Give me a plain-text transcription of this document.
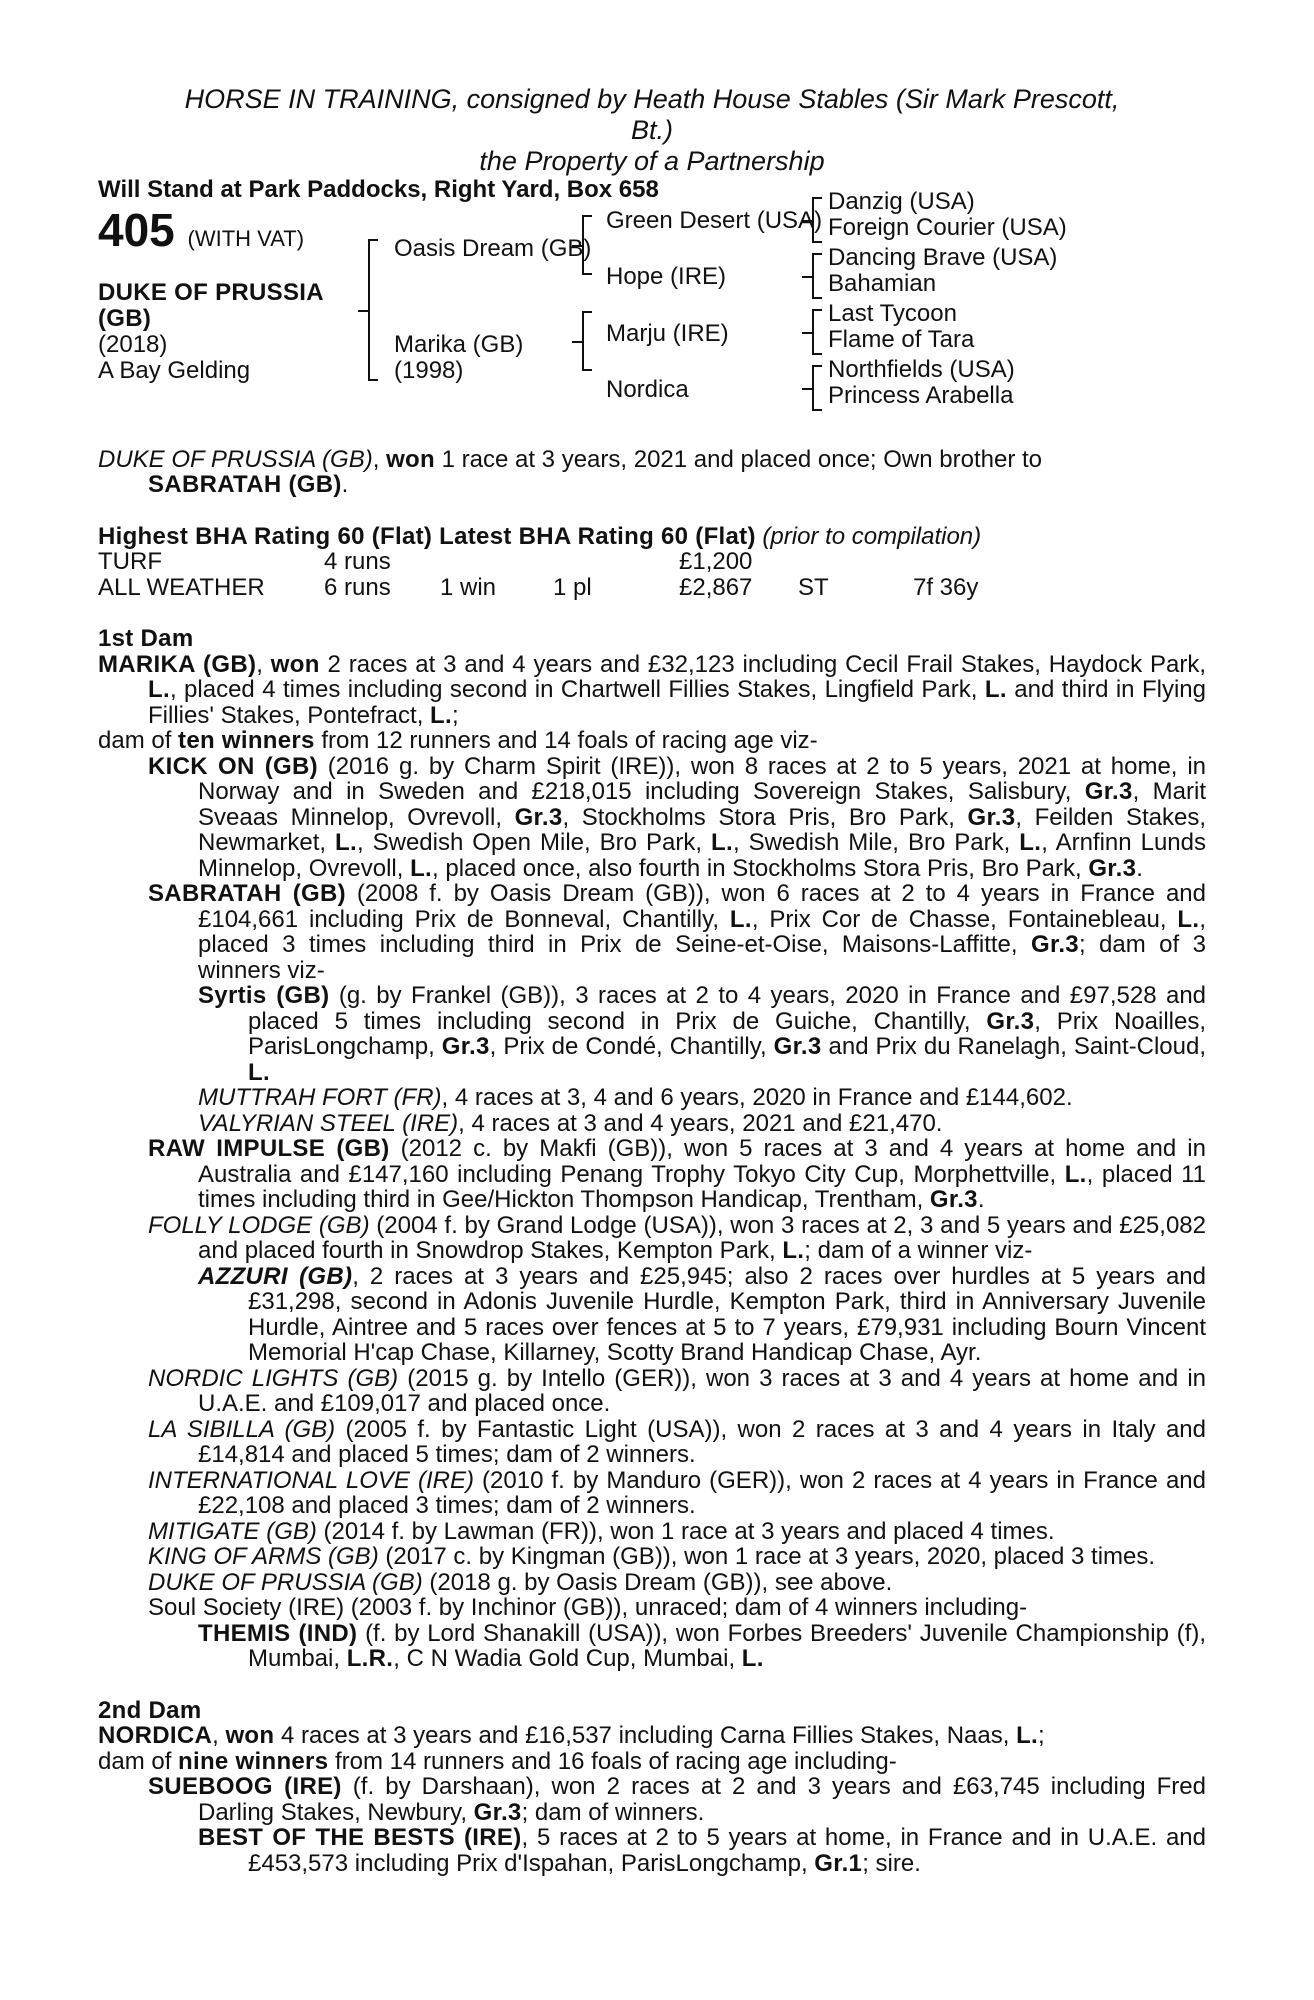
HORSE IN TRAINING, consigned by Heath House Stables (Sir Mark Prescott,
Bt.)
the Property of a Partnership
Will Stand at Park Paddocks, Right Yard, Box 658
405 (WITH VAT)
DUKE OF PRUSSIA
(GB)
(2018)
A Bay Gelding
Oasis Dream (GB)
Marika (GB)
(1998)
Green Desert (USA)
Hope (IRE)
Marju (IRE)
Nordica
Danzig (USA)
Foreign Courier (USA)
Dancing Brave (USA)
Bahamian
Last Tycoon
Flame of Tara
Northfields (USA)
Princess Arabella
DUKE OF PRUSSIA (GB), won 1 race at 3 years, 2021 and placed once; Own brother to
SABRATAH (GB).
Highest BHA Rating 60 (Flat) Latest BHA Rating 60 (Flat) (prior to compilation)
TURF	4 runs	£1,200
ALL WEATHER	6 runs	1 win	1 pl	£2,867	ST	7f 36y
1st Dam
MARIKA (GB), won 2 races at 3 and 4 years and £32,123 including Cecil Frail Stakes, Haydock Park, L., placed 4 times including second in Chartwell Fillies Stakes, Lingfield Park, L. and third in Flying Fillies' Stakes, Pontefract, L.;
dam of ten winners from 12 runners and 14 foals of racing age viz-
KICK ON (GB) (2016 g. by Charm Spirit (IRE)), won 8 races at 2 to 5 years, 2021 at home, in Norway and in Sweden and £218,015 including Sovereign Stakes, Salisbury, Gr.3, Marit Sveaas Minnelop, Ovrevoll, Gr.3, Stockholms Stora Pris, Bro Park, Gr.3, Feilden Stakes, Newmarket, L., Swedish Open Mile, Bro Park, L., Swedish Mile, Bro Park, L., Arnfinn Lunds Minnelop, Ovrevoll, L., placed once, also fourth in Stockholms Stora Pris, Bro Park, Gr.3.
SABRATAH (GB) (2008 f. by Oasis Dream (GB)), won 6 races at 2 to 4 years in France and £104,661 including Prix de Bonneval, Chantilly, L., Prix Cor de Chasse, Fontainebleau, L., placed 3 times including third in Prix de Seine-et-Oise, Maisons-Laffitte, Gr.3; dam of 3 winners viz-
Syrtis (GB) (g. by Frankel (GB)), 3 races at 2 to 4 years, 2020 in France and £97,528 and placed 5 times including second in Prix de Guiche, Chantilly, Gr.3, Prix Noailles, ParisLongchamp, Gr.3, Prix de Condé, Chantilly, Gr.3 and Prix du Ranelagh, Saint-Cloud, L.
MUTTRAH FORT (FR), 4 races at 3, 4 and 6 years, 2020 in France and £144,602.
VALYRIAN STEEL (IRE), 4 races at 3 and 4 years, 2021 and £21,470.
RAW IMPULSE (GB) (2012 c. by Makfi (GB)), won 5 races at 3 and 4 years at home and in Australia and £147,160 including Penang Trophy Tokyo City Cup, Morphettville, L., placed 11 times including third in Gee/Hickton Thompson Handicap, Trentham, Gr.3.
FOLLY LODGE (GB) (2004 f. by Grand Lodge (USA)), won 3 races at 2, 3 and 5 years and £25,082 and placed fourth in Snowdrop Stakes, Kempton Park, L.; dam of a winner viz-
AZZURI (GB), 2 races at 3 years and £25,945; also 2 races over hurdles at 5 years and £31,298, second in Adonis Juvenile Hurdle, Kempton Park, third in Anniversary Juvenile Hurdle, Aintree and 5 races over fences at 5 to 7 years, £79,931 including Bourn Vincent Memorial H'cap Chase, Killarney, Scotty Brand Handicap Chase, Ayr.
NORDIC LIGHTS (GB) (2015 g. by Intello (GER)), won 3 races at 3 and 4 years at home and in U.A.E. and £109,017 and placed once.
LA SIBILLA (GB) (2005 f. by Fantastic Light (USA)), won 2 races at 3 and 4 years in Italy and £14,814 and placed 5 times; dam of 2 winners.
INTERNATIONAL LOVE (IRE) (2010 f. by Manduro (GER)), won 2 races at 4 years in France and £22,108 and placed 3 times; dam of 2 winners.
MITIGATE (GB) (2014 f. by Lawman (FR)), won 1 race at 3 years and placed 4 times.
KING OF ARMS (GB) (2017 c. by Kingman (GB)), won 1 race at 3 years, 2020, placed 3 times.
DUKE OF PRUSSIA (GB) (2018 g. by Oasis Dream (GB)), see above.
Soul Society (IRE) (2003 f. by Inchinor (GB)), unraced; dam of 4 winners including-
THEMIS (IND) (f. by Lord Shanakill (USA)), won Forbes Breeders' Juvenile Championship (f), Mumbai, L.R., C N Wadia Gold Cup, Mumbai, L.
2nd Dam
NORDICA, won 4 races at 3 years and £16,537 including Carna Fillies Stakes, Naas, L.;
dam of nine winners from 14 runners and 16 foals of racing age including-
SUEBOOG (IRE) (f. by Darshaan), won 2 races at 2 and 3 years and £63,745 including Fred Darling Stakes, Newbury, Gr.3; dam of winners.
BEST OF THE BESTS (IRE), 5 races at 2 to 5 years at home, in France and in U.A.E. and £453,573 including Prix d'Ispahan, ParisLongchamp, Gr.1; sire.
